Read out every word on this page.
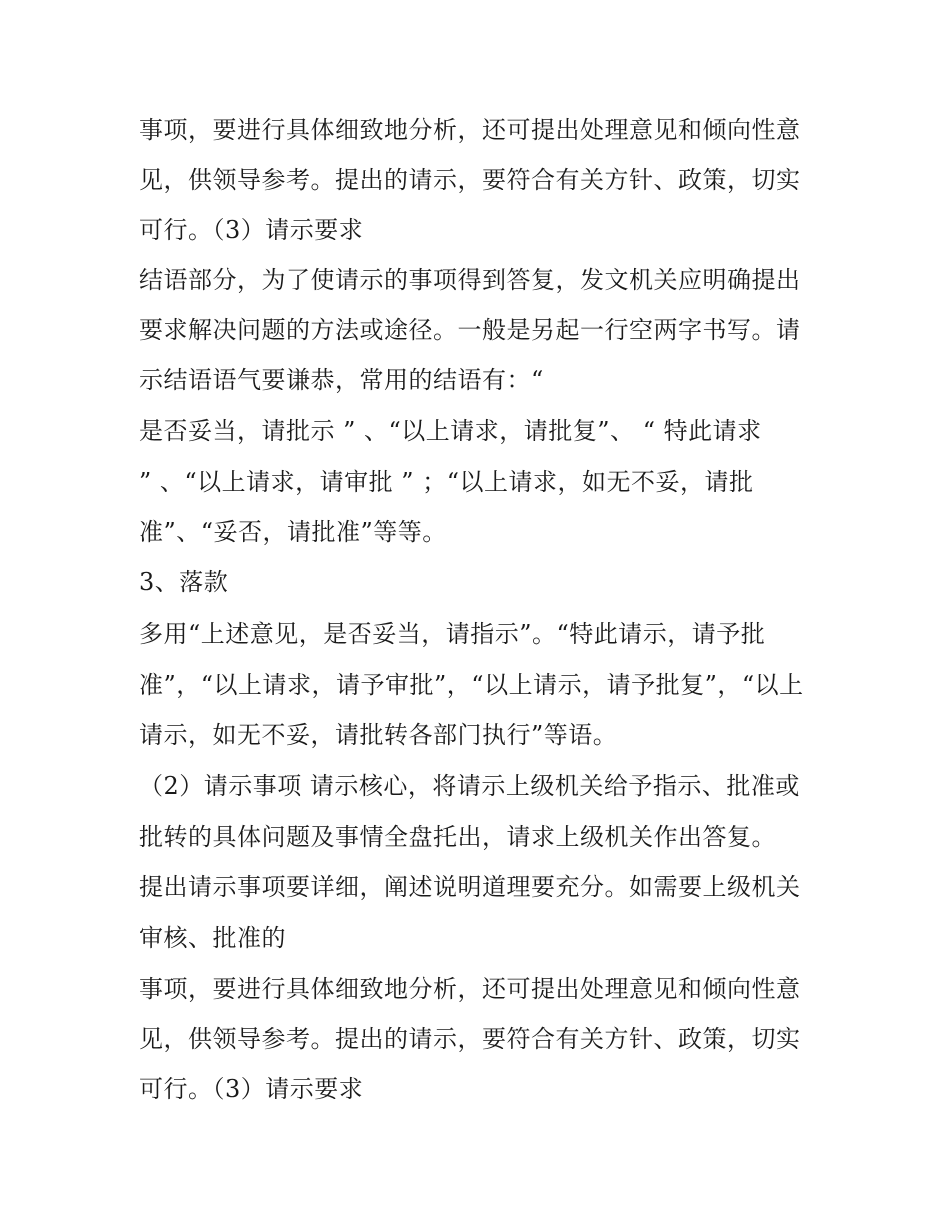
事项，要进行具体细致地分析，还可提出处理意见和倾向性意

见，供领导参考。提出的请示，要符合有关方针、政策，切实

可行。（3）请示要求

结语部分，为了使请示的事项得到答复，发文机关应明确提出

要求解决问题的方法或途径。一般是另起一行空两字书写。请

示结语语气要谦恭，常用的结语有：“

是否妥当，请批示 ” 、“以上请求，请批复”、 “ 特此请求

” 、“以上请求，请审批 ” ；“以上请求，如无不妥，请批

准”、“妥否，请批准”等等。

3、落款

多用“上述意见，是否妥当，请指示”。“特此请示，请予批

准”，“以上请求，请予审批”，“以上请示，请予批复”，“以上

请示，如无不妥，请批转各部门执行”等语。

（2）请示事项 请示核心，将请示上级机关给予指示、批准或

批转的具体问题及事情全盘托出，请求上级机关作出答复。

提出请示事项要详细，阐述说明道理要充分。如需要上级机关

审核、批准的

事项，要进行具体细致地分析，还可提出处理意见和倾向性意

见，供领导参考。提出的请示，要符合有关方针、政策，切实

可行。（3）请示要求
